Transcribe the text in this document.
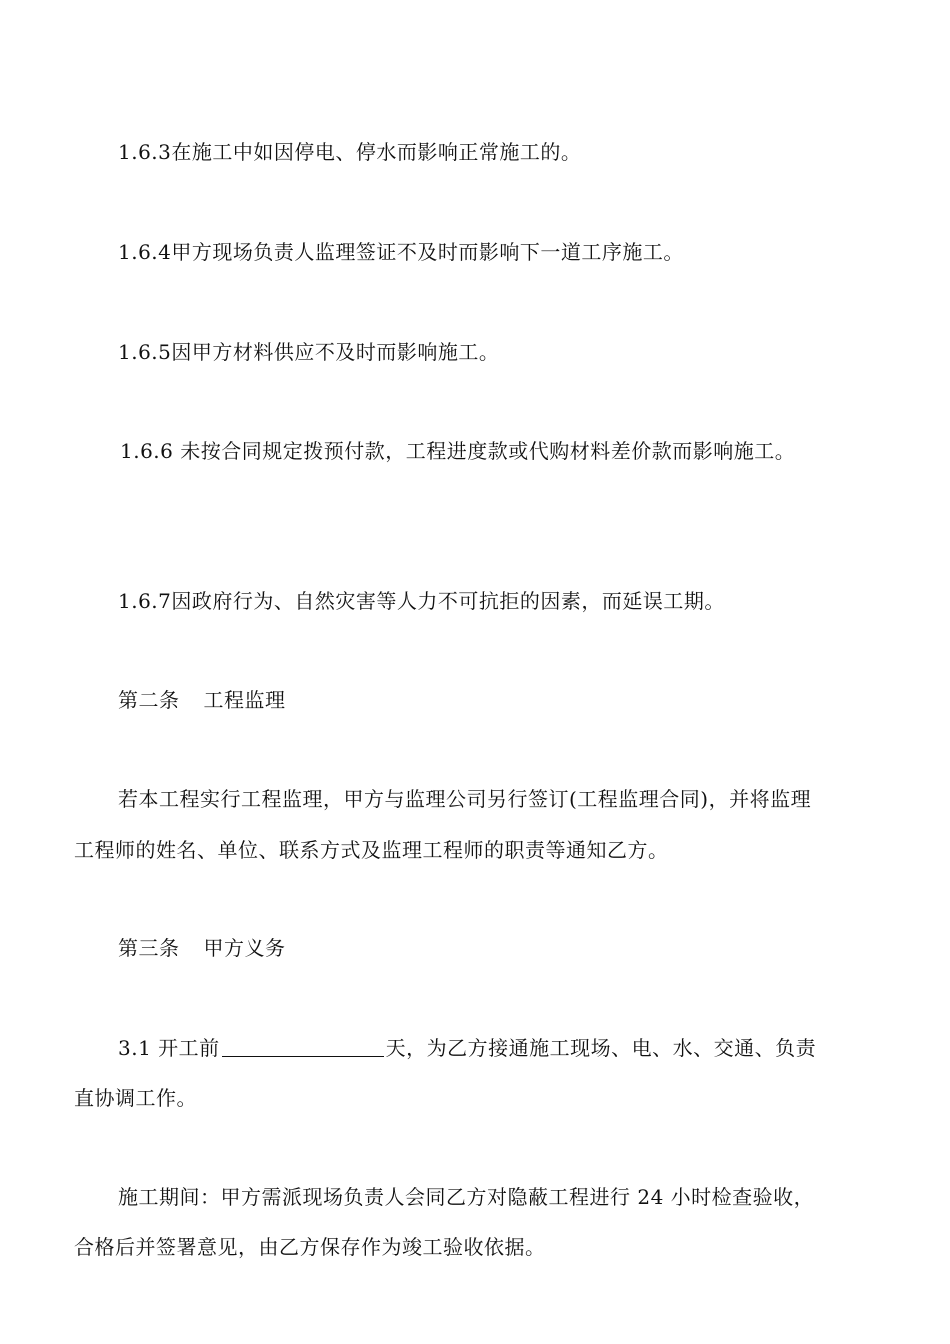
1.6.3在施工中如因停电、停水而影响正常施工的。
1.6.4甲方现场负责人监理签证不及时而影响下一道工序施工。
1.6.5因甲方材料供应不及时而影响施工。
1.6.6 未按合同规定拨预付款，工程进度款或代购材料差价款而影响施工。
1.6.7因政府行为、自然灾害等人力不可抗拒的因素，而延误工期。
第二条 工程监理
若本工程实行工程监理，甲方与监理公司另行签订(工程监理合同)，并将监理
工程师的姓名、单位、联系方式及监理工程师的职责等通知乙方。
第三条 甲方义务
3.1 开工前	天，为乙方接通施工现场、电、水、交通、负责
直协调工作。
施工期间：甲方需派现场负责人会同乙方对隐蔽工程进行 24 小时检查验收，
合格后并签署意见，由乙方保存作为竣工验收依据。
